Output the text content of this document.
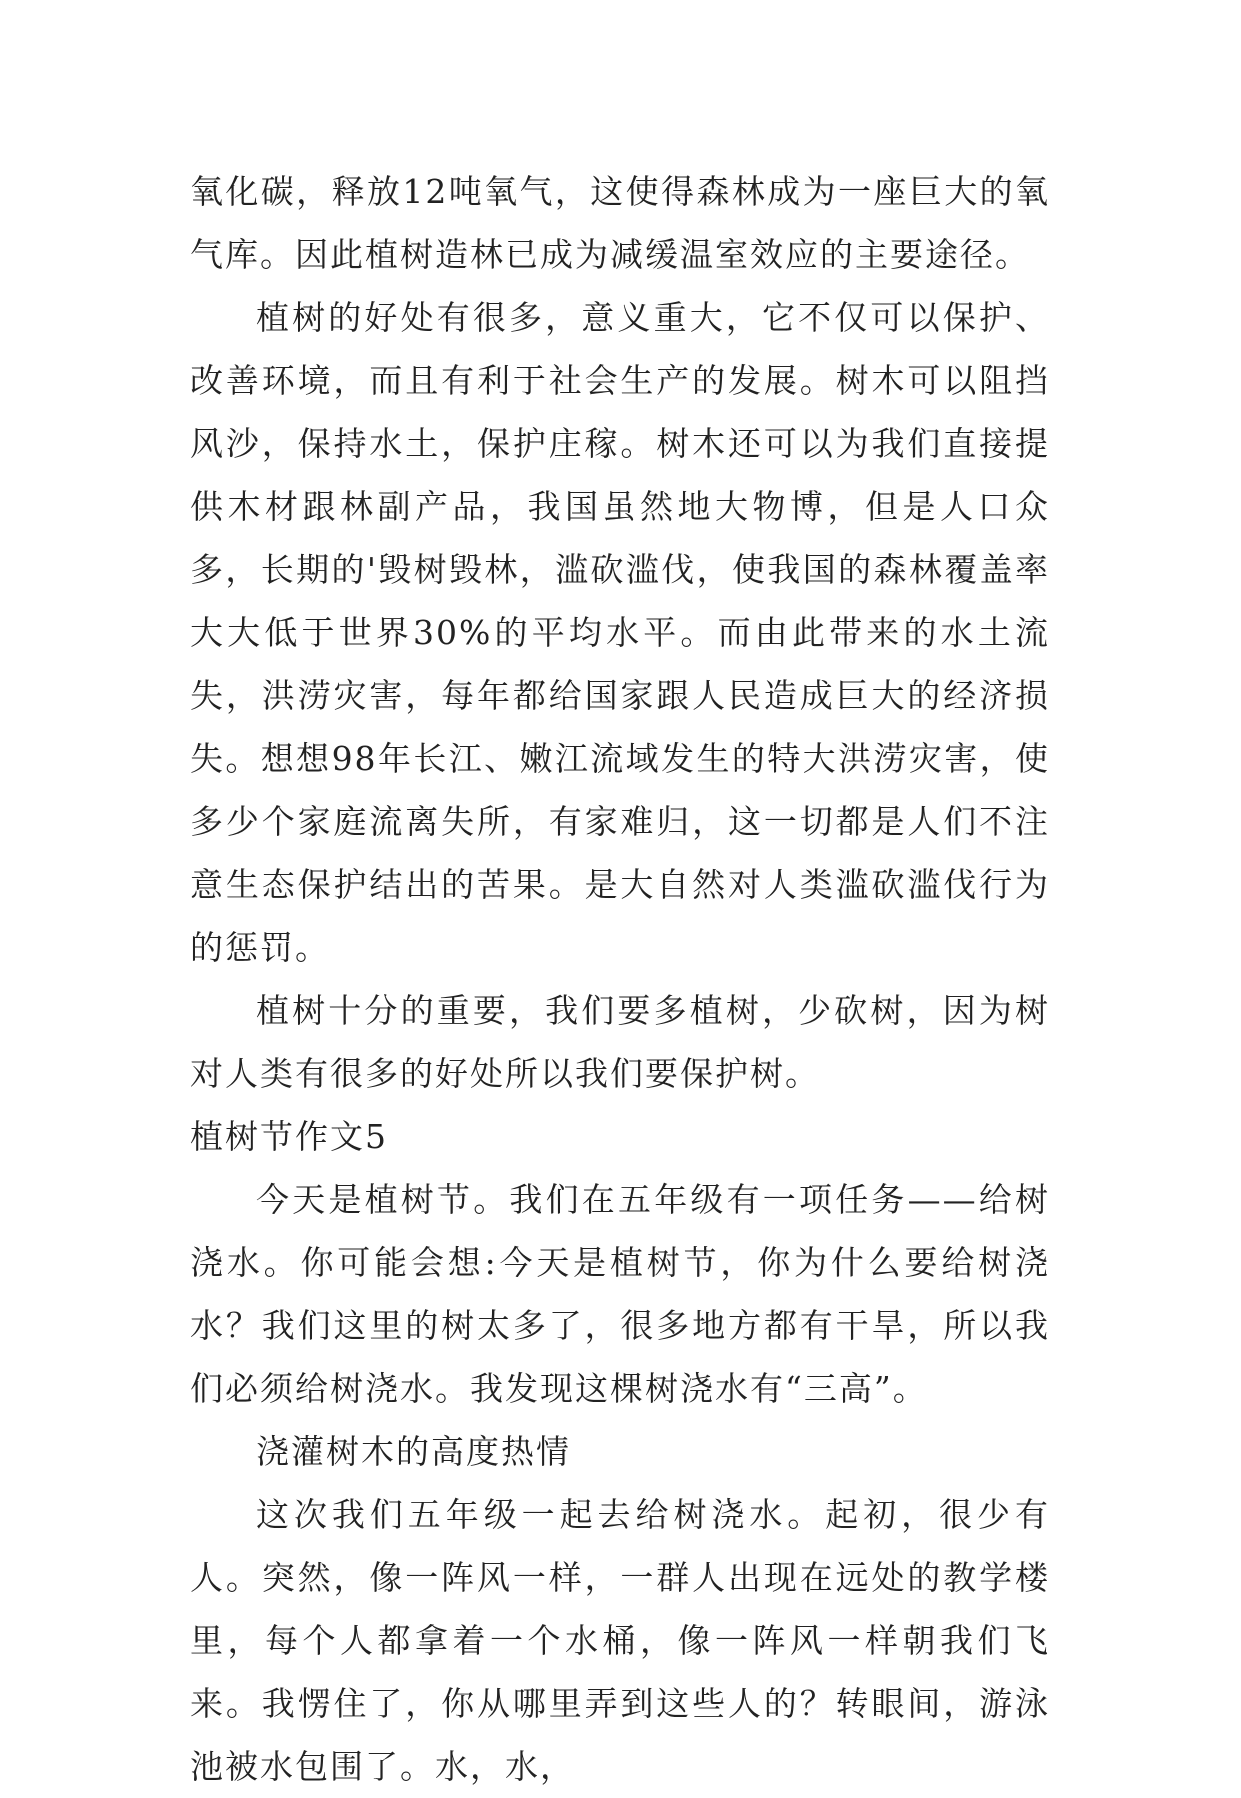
氧化碳，释放12吨氧气，这使得森林成为一座巨大的氧气库。因此植树造林已成为减缓温室效应的主要途径。

植树的好处有很多，意义重大，它不仅可以保护、改善环境，而且有利于社会生产的发展。树木可以阻挡风沙，保持水土，保护庄稼。树木还可以为我们直接提供木材跟林副产品，我国虽然地大物博，但是人口众多，长期的'毁树毁林，滥砍滥伐，使我国的森林覆盖率大大低于世界30%的平均水平。而由此带来的水土流失，洪涝灾害，每年都给国家跟人民造成巨大的经济损失。想想98年长江、嫩江流域发生的特大洪涝灾害，使多少个家庭流离失所，有家难归，这一切都是人们不注意生态保护结出的苦果。是大自然对人类滥砍滥伐行为的惩罚。

植树十分的重要，我们要多植树，少砍树，因为树对人类有很多的好处所以我们要保护树。

植树节作文5

今天是植树节。我们在五年级有一项任务——给树浇水。你可能会想:今天是植树节，你为什么要给树浇水？我们这里的树太多了，很多地方都有干旱，所以我们必须给树浇水。我发现这棵树浇水有“三高”。

浇灌树木的高度热情

这次我们五年级一起去给树浇水。起初，很少有人。突然，像一阵风一样，一群人出现在远处的教学楼里，每个人都拿着一个水桶，像一阵风一样朝我们飞来。我愣住了，你从哪里弄到这些人的？转眼间，游泳池被水包围了。水，水，
